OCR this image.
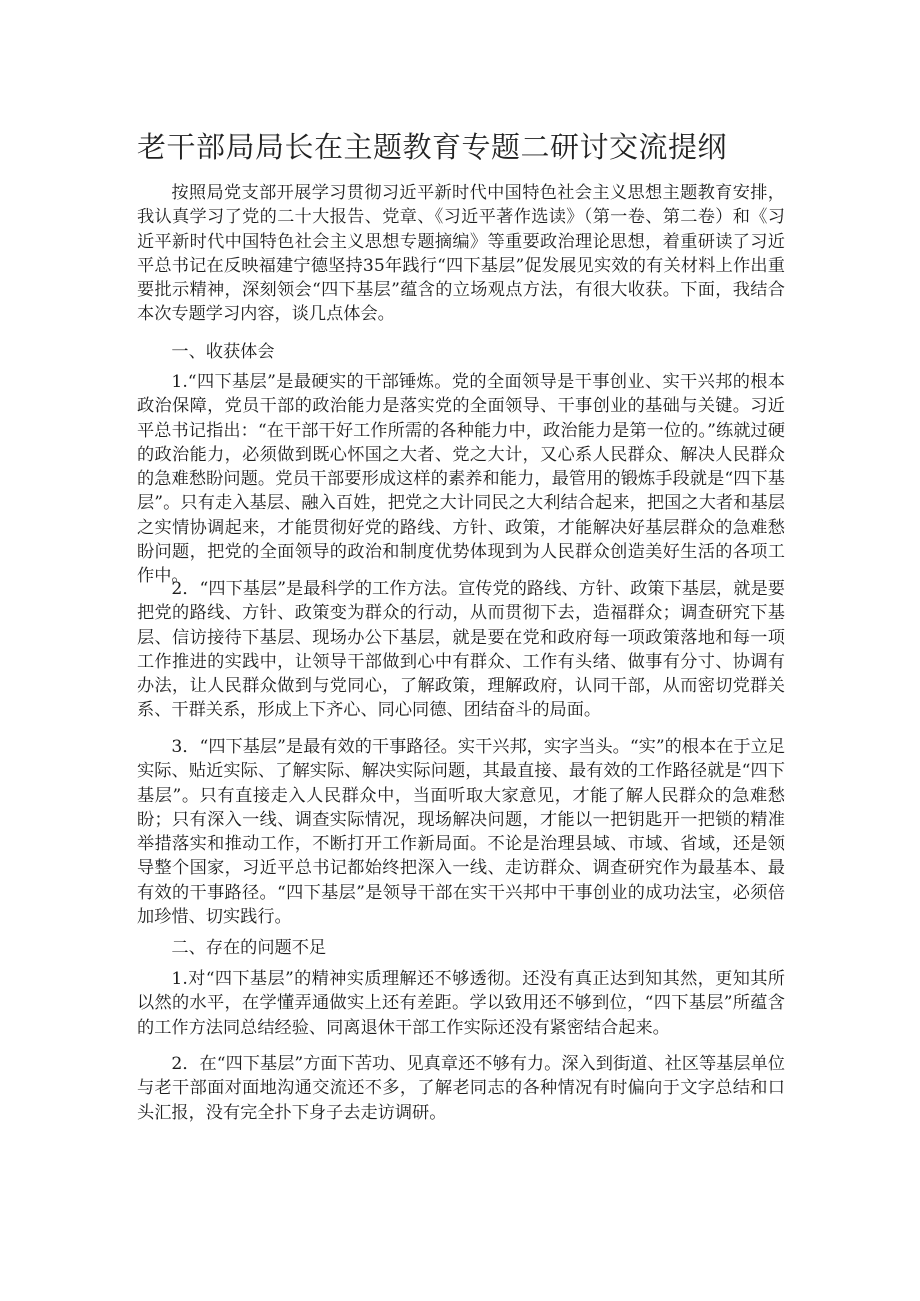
老干部局局长在主题教育专题二研讨交流提纲

按照局党支部开展学习贯彻习近平新时代中国特色社会主义思想主题教育安排，我认真学习了党的二十大报告、党章、《习近平著作选读》（第一卷、第二卷）和《习近平新时代中国特色社会主义思想专题摘编》等重要政治理论思想，着重研读了习近平总书记在反映福建宁德坚持35年践行“四下基层”促发展见实效的有关材料上作出重要批示精神，深刻领会“四下基层”蕴含的立场观点方法，有很大收获。下面，我结合本次专题学习内容，谈几点体会。

一、收获体会

1.“四下基层”是最硬实的干部锤炼。党的全面领导是干事创业、实干兴邦的根本政治保障，党员干部的政治能力是落实党的全面领导、干事创业的基础与关键。习近平总书记指出：“在干部干好工作所需的各种能力中，政治能力是第一位的。”练就过硬的政治能力，必须做到既心怀国之大者、党之大计，又心系人民群众、解决人民群众的急难愁盼问题。党员干部要形成这样的素养和能力，最管用的锻炼手段就是“四下基层”。只有走入基层、融入百姓，把党之大计同民之大利结合起来，把国之大者和基层之实情协调起来，才能贯彻好党的路线、方针、政策，才能解决好基层群众的急难愁盼问题，把党的全面领导的政治和制度优势体现到为人民群众创造美好生活的各项工作中。

2．“四下基层”是最科学的工作方法。宣传党的路线、方针、政策下基层，就是要把党的路线、方针、政策变为群众的行动，从而贯彻下去，造福群众；调查研究下基层、信访接待下基层、现场办公下基层，就是要在党和政府每一项政策落地和每一项工作推进的实践中，让领导干部做到心中有群众、工作有头绪、做事有分寸、协调有办法，让人民群众做到与党同心，了解政策，理解政府，认同干部，从而密切党群关系、干群关系，形成上下齐心、同心同德、团结奋斗的局面。

3．“四下基层”是最有效的干事路径。实干兴邦，实字当头。“实”的根本在于立足实际、贴近实际、了解实际、解决实际问题，其最直接、最有效的工作路径就是“四下基层”。只有直接走入人民群众中，当面听取大家意见，才能了解人民群众的急难愁盼；只有深入一线、调查实际情况，现场解决问题，才能以一把钥匙开一把锁的精准举措落实和推动工作，不断打开工作新局面。不论是治理县域、市域、省域，还是领导整个国家，习近平总书记都始终把深入一线、走访群众、调查研究作为最基本、最有效的干事路径。“四下基层”是领导干部在实干兴邦中干事创业的成功法宝，必须倍加珍惜、切实践行。

二、存在的问题不足

1.对“四下基层”的精神实质理解还不够透彻。还没有真正达到知其然，更知其所以然的水平，在学懂弄通做实上还有差距。学以致用还不够到位，“四下基层”所蕴含的工作方法同总结经验、同离退休干部工作实际还没有紧密结合起来。

2．在“四下基层”方面下苦功、见真章还不够有力。深入到街道、社区等基层单位与老干部面对面地沟通交流还不多，了解老同志的各种情况有时偏向于文字总结和口头汇报，没有完全扑下身子去走访调研。
